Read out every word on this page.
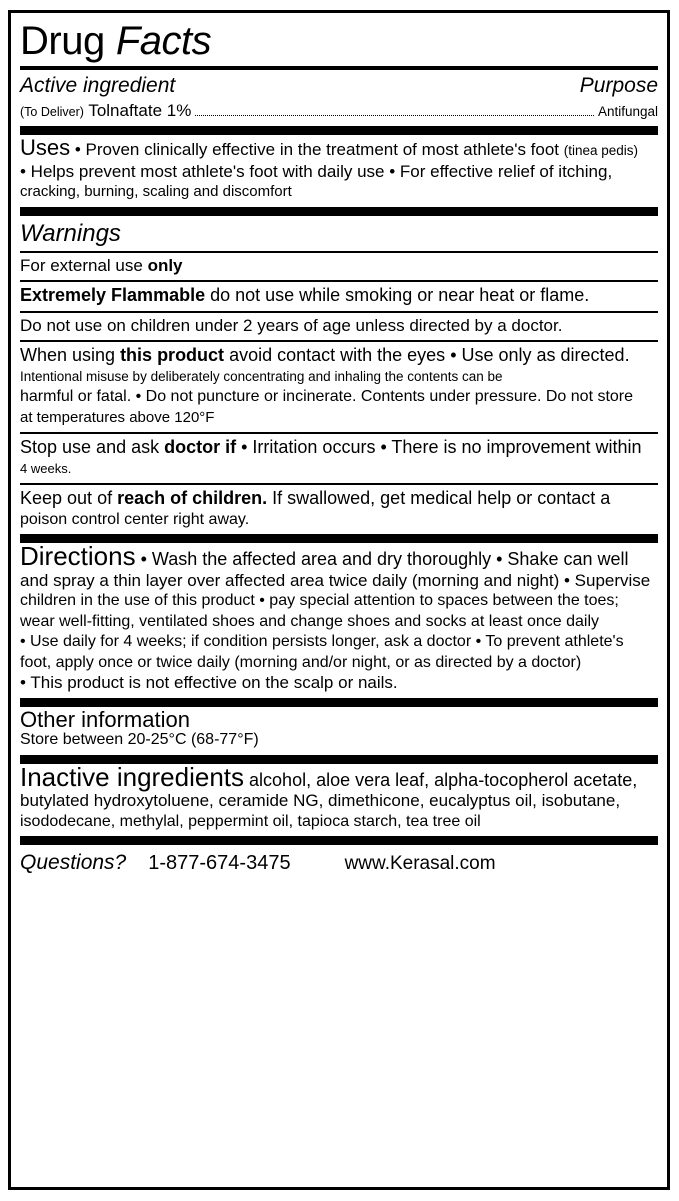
Drug Facts
Active ingredient	Purpose
(To Deliver) Tolnaftate 1%	Antifungal

Uses • Proven clinically effective in the treatment of most athlete's foot (tinea pedis)

• Helps prevent most athlete's foot with daily use • For effective relief of itching,

cracking, burning, scaling and discomfort

Warnings
For external use only
Extremely Flammable do not use while smoking or near heat or flame.
Do not use on children under 2 years of age unless directed by a doctor.

When using this product avoid contact with the eyes • Use only as directed.

Intentional misuse by deliberately concentrating and inhaling the contents can be

harmful or fatal. • Do not puncture or incinerate. Contents under pressure. Do not store

at temperatures above 120°F

Stop use and ask doctor if • Irritation occurs • There is no improvement within

4 weeks.

Keep out of reach of children. If swallowed, get medical help or contact a

poison control center right away.

Directions • Wash the affected area and dry thoroughly • Shake can well

and spray a thin layer over affected area twice daily (morning and night) • Supervise

children in the use of this product • pay special attention to spaces between the toes;

wear well-fitting, ventilated shoes and change shoes and socks at least once daily

• Use daily for 4 weeks; if condition persists longer, ask a doctor • To prevent athlete's

foot, apply once or twice daily (morning and/or night, or as directed by a doctor)

• This product is not effective on the scalp or nails.

Other information

Store between 20-25°C (68-77°F)

Inactive ingredients alcohol, aloe vera leaf, alpha-tocopherol acetate,

butylated hydroxytoluene, ceramide NG, dimethicone, eucalyptus oil, isobutane,

isododecane, methylal, peppermint oil, tapioca starch, tea tree oil

Questions? 1-877-674-3475	www.Kerasal.com
